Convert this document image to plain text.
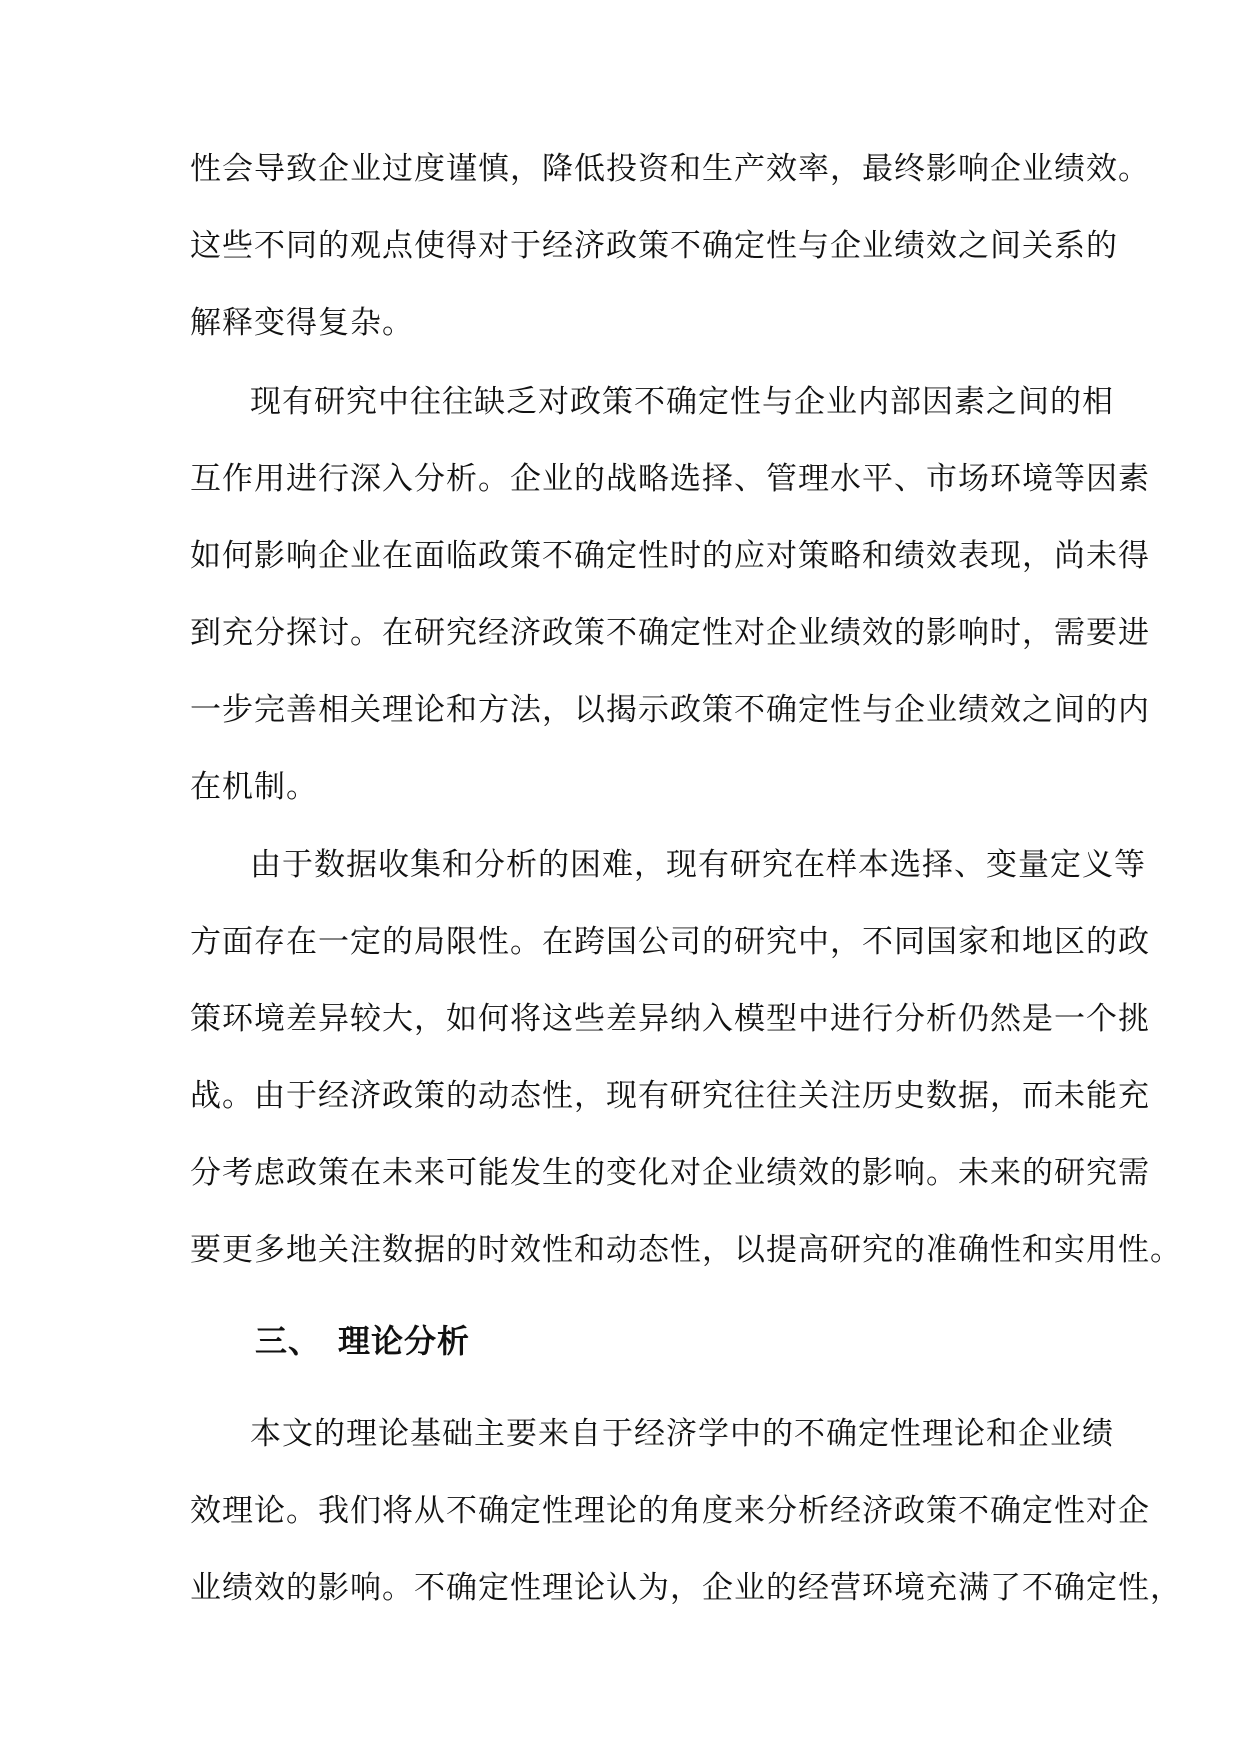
性会导致企业过度谨慎，降低投资和生产效率，最终影响企业绩效。
这些不同的观点使得对于经济政策不确定性与企业绩效之间关系的
解释变得复杂。
现有研究中往往缺乏对政策不确定性与企业内部因素之间的相
互作用进行深入分析。企业的战略选择、管理水平、市场环境等因素
如何影响企业在面临政策不确定性时的应对策略和绩效表现，尚未得
到充分探讨。在研究经济政策不确定性对企业绩效的影响时，需要进
一步完善相关理论和方法，以揭示政策不确定性与企业绩效之间的内
在机制。
由于数据收集和分析的困难，现有研究在样本选择、变量定义等
方面存在一定的局限性。在跨国公司的研究中，不同国家和地区的政
策环境差异较大，如何将这些差异纳入模型中进行分析仍然是一个挑
战。由于经济政策的动态性，现有研究往往关注历史数据，而未能充
分考虑政策在未来可能发生的变化对企业绩效的影响。未来的研究需
要更多地关注数据的时效性和动态性，以提高研究的准确性和实用性。
三、 理论分析
本文的理论基础主要来自于经济学中的不确定性理论和企业绩
效理论。我们将从不确定性理论的角度来分析经济政策不确定性对企
业绩效的影响。不确定性理论认为，企业的经营环境充满了不确定性，
